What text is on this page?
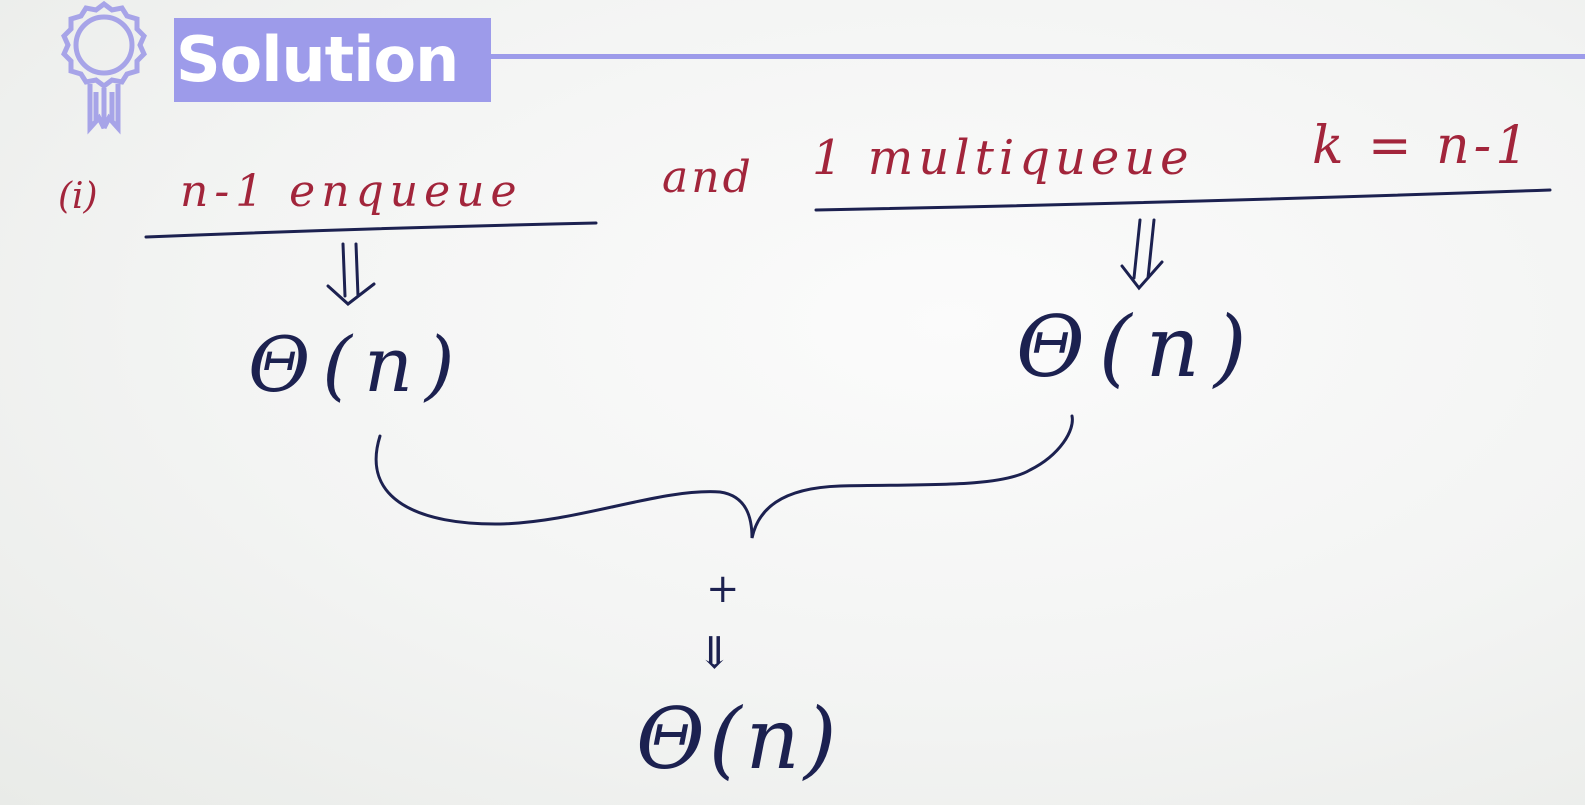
Solution
(i) n-1 enqueue	and 1 multiqueue k = n-1
Θ(n)	Θ(n)
+
⇓
Θ(n)
